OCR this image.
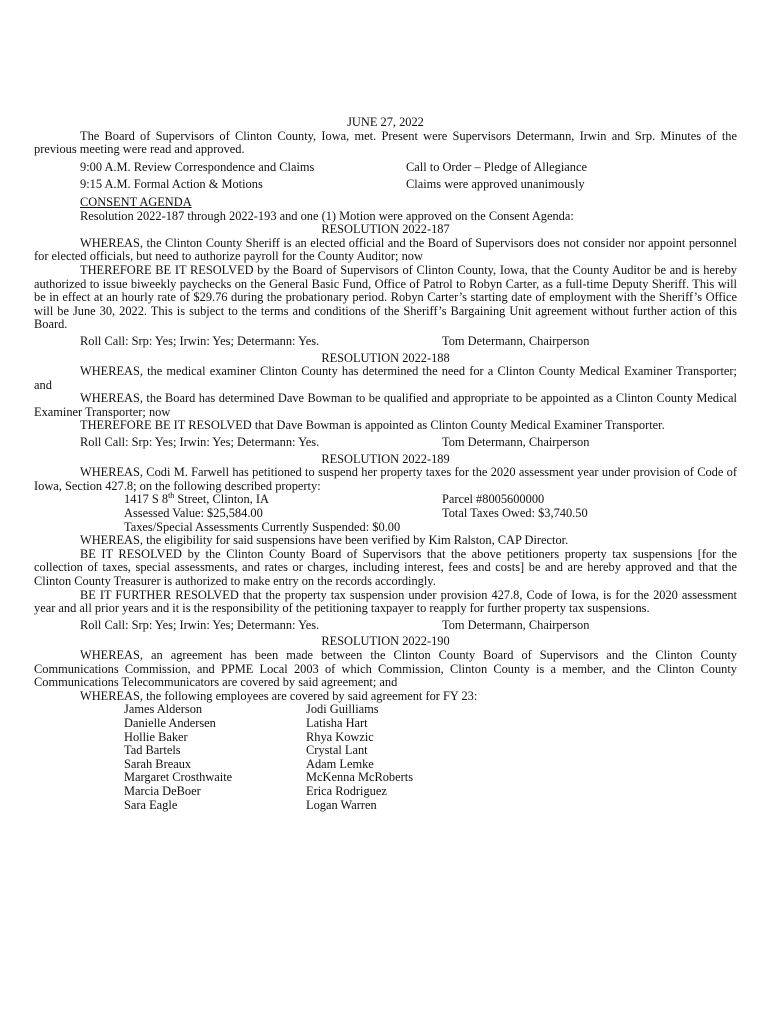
JUNE 27, 2022
The Board of Supervisors of Clinton County, Iowa, met. Present were Supervisors Determann, Irwin and Srp. Minutes of the previous meeting were read and approved.
9:00 A.M. Review Correspondence and Claims	Call to Order – Pledge of Allegiance
9:15 A.M. Formal Action & Motions	Claims were approved unanimously
CONSENT AGENDA
Resolution 2022-187 through 2022-193 and one (1) Motion were approved on the Consent Agenda:
RESOLUTION 2022-187
WHEREAS, the Clinton County Sheriff is an elected official and the Board of Supervisors does not consider nor appoint personnel for elected officials, but need to authorize payroll for the County Auditor; now
THEREFORE BE IT RESOLVED by the Board of Supervisors of Clinton County, Iowa, that the County Auditor be and is hereby authorized to issue biweekly paychecks on the General Basic Fund, Office of Patrol to Robyn Carter, as a full-time Deputy Sheriff. This will be in effect at an hourly rate of $29.76 during the probationary period. Robyn Carter’s starting date of employment with the Sheriff’s Office will be June 30, 2022. This is subject to the terms and conditions of the Sheriff’s Bargaining Unit agreement without further action of this Board.
Roll Call: Srp: Yes; Irwin: Yes; Determann: Yes.	Tom Determann, Chairperson
RESOLUTION 2022-188
WHEREAS, the medical examiner Clinton County has determined the need for a Clinton County Medical Examiner Transporter; and
WHEREAS, the Board has determined Dave Bowman to be qualified and appropriate to be appointed as a Clinton County Medical Examiner Transporter; now
THEREFORE BE IT RESOLVED that Dave Bowman is appointed as Clinton County Medical Examiner Transporter.
Roll Call: Srp: Yes; Irwin: Yes; Determann: Yes.	Tom Determann, Chairperson
RESOLUTION 2022-189
WHEREAS, Codi M. Farwell has petitioned to suspend her property taxes for the 2020 assessment year under provision of Code of Iowa, Section 427.8; on the following described property:
1417 S 8th Street, Clinton, IA	Parcel #8005600000
Assessed Value: $25,584.00	Total Taxes Owed: $3,740.50
Taxes/Special Assessments Currently Suspended: $0.00
WHEREAS, the eligibility for said suspensions have been verified by Kim Ralston, CAP Director.
BE IT RESOLVED by the Clinton County Board of Supervisors that the above petitioners property tax suspensions [for the collection of taxes, special assessments, and rates or charges, including interest, fees and costs] be and are hereby approved and that the Clinton County Treasurer is authorized to make entry on the records accordingly.
BE IT FURTHER RESOLVED that the property tax suspension under provision 427.8, Code of Iowa, is for the 2020 assessment year and all prior years and it is the responsibility of the petitioning taxpayer to reapply for further property tax suspensions.
Roll Call: Srp: Yes; Irwin: Yes; Determann: Yes.	Tom Determann, Chairperson
RESOLUTION 2022-190
WHEREAS, an agreement has been made between the Clinton County Board of Supervisors and the Clinton County Communications Commission, and PPME Local 2003 of which Commission, Clinton County is a member, and the Clinton County Communications Telecommunicators are covered by said agreement; and
WHEREAS, the following employees are covered by said agreement for FY 23:
James Alderson	Jodi Guilliams
Danielle Andersen	Latisha Hart
Hollie Baker	Rhya Kowzic
Tad Bartels	Crystal Lant
Sarah Breaux	Adam Lemke
Margaret Crosthwaite	McKenna McRoberts
Marcia DeBoer	Erica Rodriguez
Sara Eagle	Logan Warren
